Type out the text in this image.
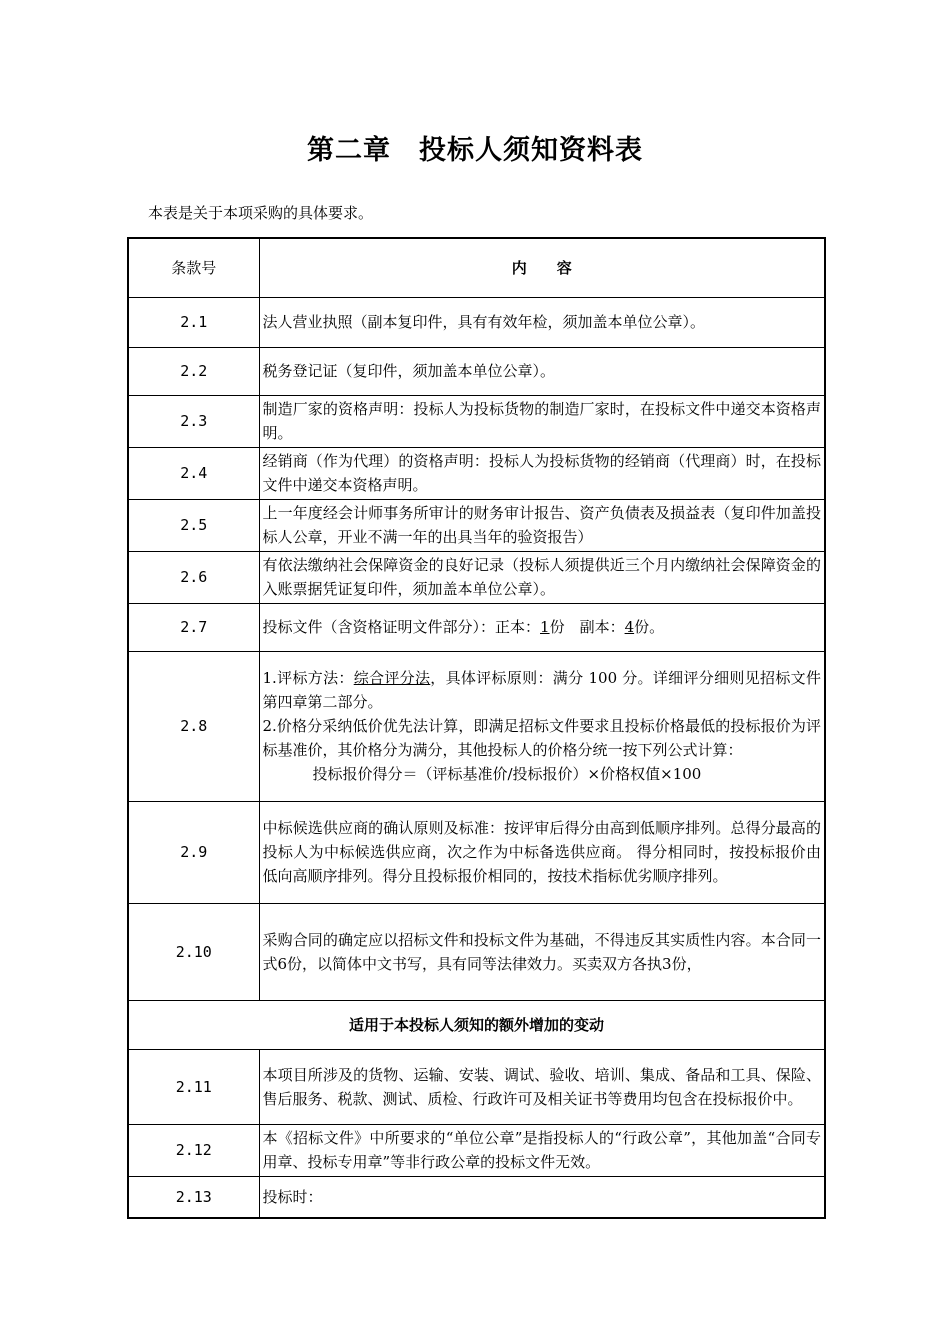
第二章　投标人须知资料表
本表是关于本项采购的具体要求。
条款号	内　　容
2.1	法人营业执照（副本复印件，具有有效年检，须加盖本单位公章）。
2.2	税务登记证（复印件，须加盖本单位公章）。
2.3	制造厂家的资格声明：投标人为投标货物的制造厂家时，在投标文件中递交本资格声明。
2.4	经销商（作为代理）的资格声明：投标人为投标货物的经销商（代理商）时，在投标文件中递交本资格声明。
2.5	上一年度经会计师事务所审计的财务审计报告、资产负债表及损益表（复印件加盖投标人公章，开业不满一年的出具当年的验资报告）
2.6	有依法缴纳社会保障资金的良好记录（投标人须提供近三个月内缴纳社会保障资金的入账票据凭证复印件，须加盖本单位公章）。
2.7	投标文件（含资格证明文件部分）：正本：1份　副本：4份。
2.8	1.评标方法：综合评分法，具体评标原则：满分 100 分。详细评分细则见招标文件第四章第二部分。
2.价格分采纳低价优先法计算，即满足招标文件要求且投标价格最低的投标报价为评标基准价，其价格分为满分，其他投标人的价格分统一按下列公式计算：

投标报价得分＝（评标基准价/投标报价）×价格权值×100

2.9	中标候选供应商的确认原则及标准：按评审后得分由高到低顺序排列。总得分最高的投标人为中标候选供应商，次之作为中标备选供应商。 得分相同时，按投标报价由低向高顺序排列。得分且投标报价相同的，按技术指标优劣顺序排列。
2.10	采购合同的确定应以招标文件和投标文件为基础，不得违反其实质性内容。本合同一式6份，以简体中文书写，具有同等法律效力。买卖双方各执3份，
适用于本投标人须知的额外增加的变动	
2.11	本项目所涉及的货物、运输、安装、调试、验收、培训、集成、备品和工具、保险、售后服务、税款、测试、质检、行政许可及相关证书等费用均包含在投标报价中。
2.12	本《招标文件》中所要求的“单位公章”是指投标人的“行政公章”，其他加盖“合同专用章、投标专用章”等非行政公章的投标文件无效。
2.13	投标时：
